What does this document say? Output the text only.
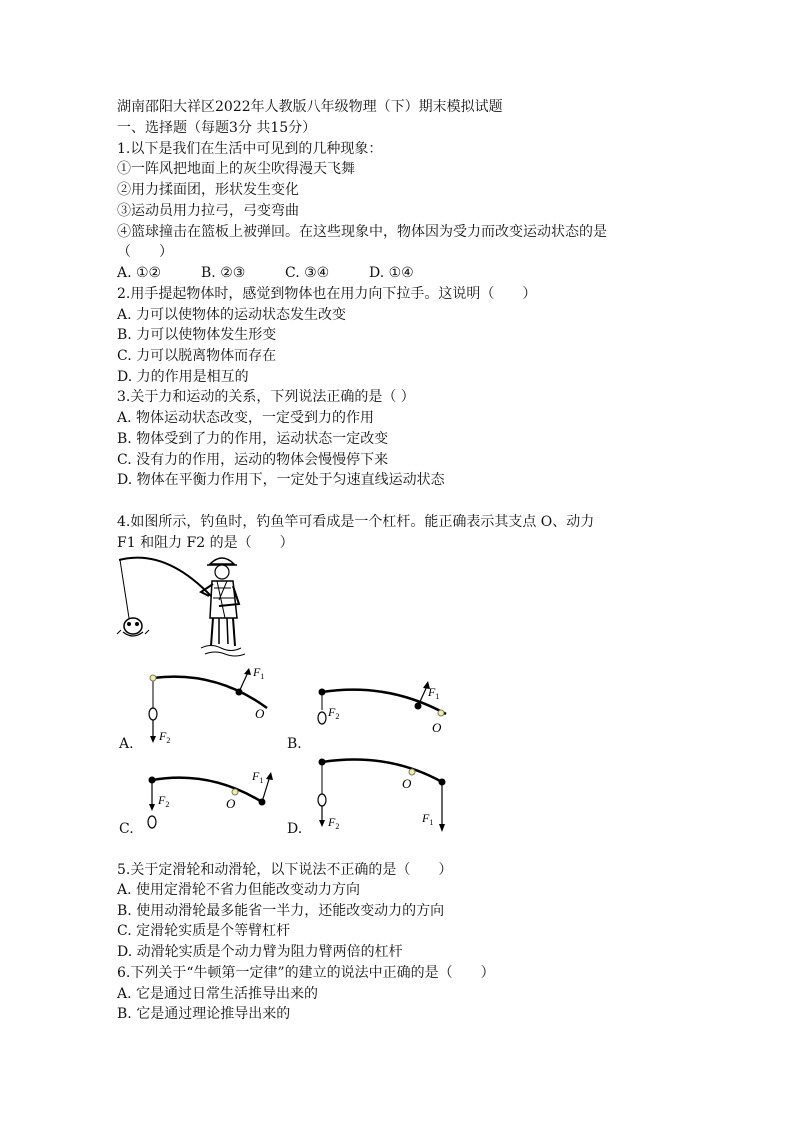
湖南邵阳大祥区2022年人教版八年级物理（下）期末模拟试题
一、选择题（每题3分 共15分）
1.以下是我们在生活中可见到的几种现象：
①一阵风把地面上的灰尘吹得漫天飞舞
②用力揉面团，形状发生变化
③运动员用力拉弓，弓变弯曲
④篮球撞击在篮板上被弹回。在这些现象中，物体因为受力而改变运动状态的是
（　　）
A. ①②	B. ②③	C. ③④	D. ①④
2.用手提起物体时，感觉到物体也在用力向下拉手。这说明（　　）
A. 力可以使物体的运动状态发生改变
B. 力可以使物体发生形变
C. 力可以脱离物体而存在
D. 力的作用是相互的
3.关于力和运动的关系，下列说法正确的是（ ）
A. 物体运动状态改变，一定受到力的作用
B. 物体受到了力的作用，运动状态一定改变
C. 没有力的作用，运动的物体会慢慢停下来
D. 物体在平衡力作用下，一定处于匀速直线运动状态
4.如图所示，钓鱼时，钓鱼竿可看成是一个杠杆。能正确表示其支点 O、动力
F1 和阻力 F2 的是（　　）
$F_1$
$F_2$
O
A.
$F_1$
$F_2$
O
B.
$F_1$
$F_2$	O
C.	$F_2$
$F_1$
O
D.
5.关于定滑轮和动滑轮，以下说法不正确的是（　　）
A. 使用定滑轮不省力但能改变动力方向
B. 使用动滑轮最多能省一半力，还能改变动力的方向
C. 定滑轮实质是个等臂杠杆
D. 动滑轮实质是个动力臂为阻力臂两倍的杠杆
6.下列关于“牛顿第一定律”的建立的说法中正确的是（　　）
A. 它是通过日常生活推导出来的
B. 它是通过理论推导出来的
